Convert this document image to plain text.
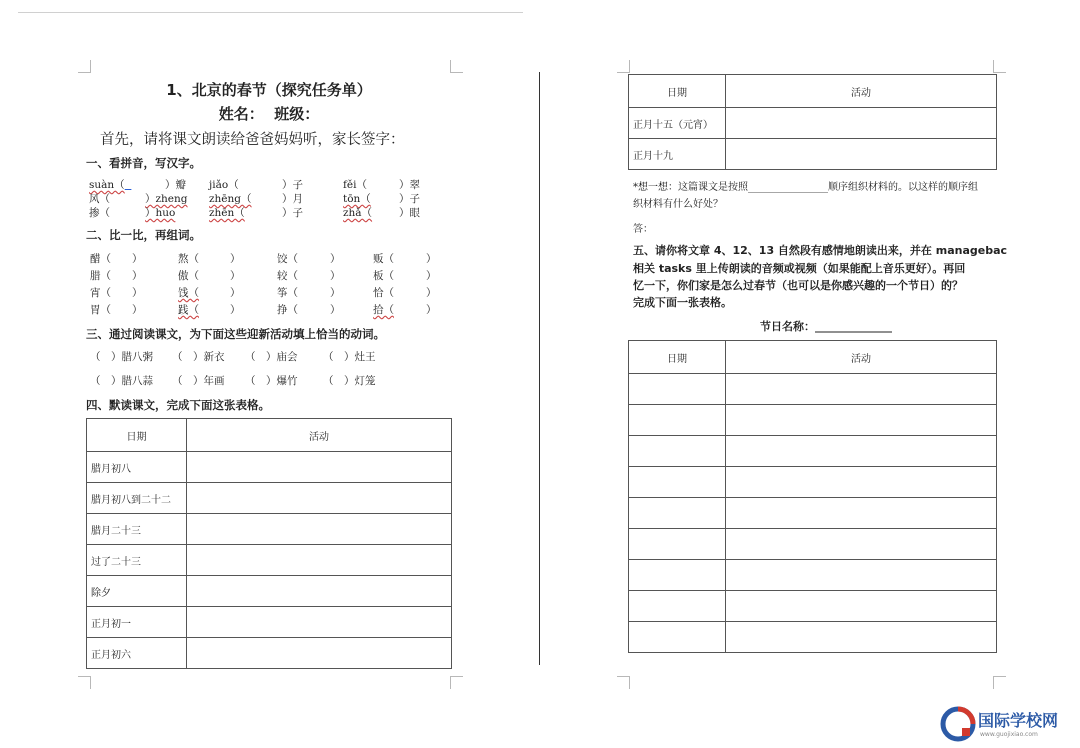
1、北京的春节（探究任务单）
姓名：  班级：
首先，请将课文朗读给爸爸妈妈听，家长签字：
一、看拼音，写汉字。
suàn（	）瓣 jiǎo（	）子	fěi（	）翠
风（	）zheng zhēng（	）月	tōn（	）子
掺（	）huo	zhēn（	）子	zhǎ（	）眼
二、比一比，再组词。
醋（ ）	熬（	）	饺（	）	贩（	）
腊（ ）	傲（	）	较（	）	板（	）
宵（ ）	饯（	）	筝（	）	恰（	）
胃（ ）	践（	）	挣（	）	拾（	）
三、通过阅读课文，为下面这些迎新活动填上恰当的动词。
（　）腊八粥 （　）新衣 （　）庙会 （　）灶王
（　）腊八蒜 （　）年画 （　）爆竹 （　）灯笼
四、默读课文，完成下面这张表格。
日期	活动
腊月初八	
腊月初八到二十二	
腊月二十三	
过了二十三	
除夕	
正月初一	
正月初六	
日期	活动
正月十五（元宵）	
正月十九	
*想一想：这篇课文是按照________________顺序组织材料的。以这样的顺序组
织材料有什么好处？
答：
五、请你将文章 4、12、13 自然段有感情地朗读出来，并在 managebac
相关 tasks 里上传朗读的音频或视频（如果能配上音乐更好）。再回
忆一下，你们家是怎么过春节（也可以是你感兴趣的一个节日）的？
完成下面一张表格。
节日名称：______________
日期	活动

国际学校网
www.guojixiao.com
